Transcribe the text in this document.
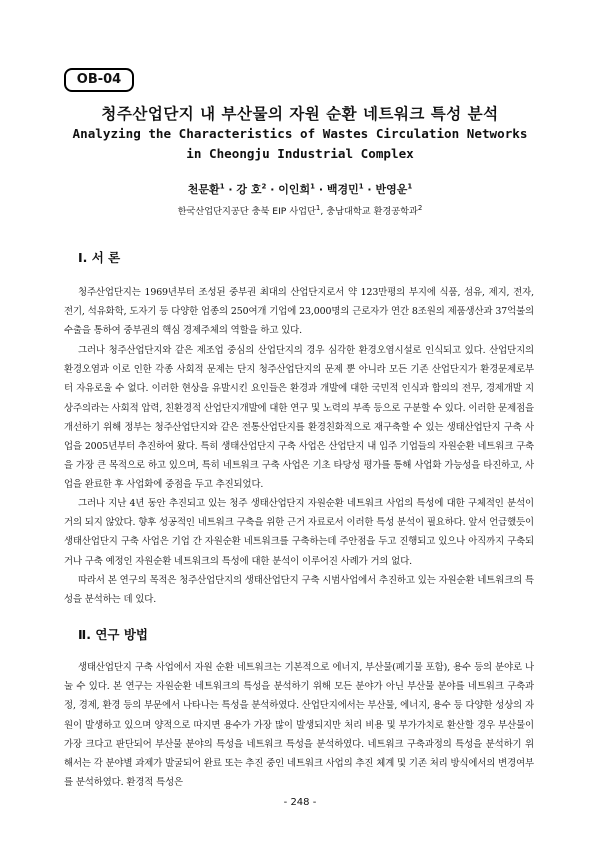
OB-04
청주산업단지 내 부산물의 자원 순환 네트워크 특성 분석
Analyzing the Characteristics of Wastes Circulation Networks
in Cheongju Industrial Complex
천문환$^1$ · 강 호$^2$ · 이인희$^1$ · 백경민$^1$ · 반영운$^1$
한국산업단지공단 충북 EIP 사업단$^1$, 충남대학교 환경공학과$^2$
Ⅰ. 서 론
청주산업단지는 1969년부터 조성된 중부권 최대의 산업단지로서 약 123만평의 부지에 식품, 섬유, 제지, 전자, 전기, 석유화학, 도자기 등 다양한 업종의 250여개 기업에 23,000명의 근로자가 연간 8조원의 제품생산과 37억불의 수출을 통하여 중부권의 핵심 경제주체의 역할을 하고 있다.
그러나 청주산업단지와 같은 제조업 중심의 산업단지의 경우 심각한 환경오염시설로 인식되고 있다. 산업단지의 환경오염과 이로 인한 각종 사회적 문제는 단지 청주산업단지의 문제 뿐 아니라 모든 기존 산업단지가 환경문제로부터 자유로울 수 없다. 이러한 현상을 유발시킨 요인들은 환경과 개발에 대한 국민적 인식과 합의의 전무, 경제개발 지상주의라는 사회적 압력, 친환경적 산업단지개발에 대한 연구 및 노력의 부족 등으로 구분할 수 있다. 이러한 문제점을 개선하기 위해 정부는 청주산업단지와 같은 전통산업단지를 환경친화적으로 재구축할 수 있는 생태산업단지 구축 사업을 2005년부터 추진하여 왔다. 특히 생태산업단지 구축 사업은 산업단지 내 입주 기업들의 자원순환 네트워크 구축을 가장 큰 목적으로 하고 있으며, 특히 네트워크 구축 사업은 기초 타당성 평가를 통해 사업화 가능성을 타진하고, 사업을 완료한 후 사업화에 중점을 두고 추진되었다.
그러나 지난 4년 동안 추진되고 있는 청주 생태산업단지 자원순환 네트워크 사업의 특성에 대한 구체적인 분석이 거의 되지 않았다. 향후 성공적인 네트워크 구축을 위한 근거 자료로서 이러한 특성 분석이 필요하다. 앞서 언급했듯이 생태산업단지 구축 사업은 기업 간 자원순환 네트워크를 구축하는데 주안점을 두고 진행되고 있으나 아직까지 구축되거나 구축 예정인 자원순환 네트워크의 특성에 대한 분석이 이루어진 사례가 거의 없다.
따라서 본 연구의 목적은 청주산업단지의 생태산업단지 구축 시범사업에서 추진하고 있는 자원순환 네트워크의 특성을 분석하는 데 있다.
Ⅱ. 연구 방법
생태산업단지 구축 사업에서 자원 순환 네트워크는 기본적으로 에너지, 부산물(폐기물 포함), 용수 등의 분야로 나눌 수 있다. 본 연구는 자원순환 네트워크의 특성을 분석하기 위해 모든 분야가 아닌 부산물 분야를 네트워크 구축과정, 경제, 환경 등의 부문에서 나타나는 특성을 분석하였다. 산업단지에서는 부산물, 에너지, 용수 등 다양한 성상의 자원이 발생하고 있으며 양적으로 따지면 용수가 가장 많이 발생되지만 처리 비용 및 부가가치로 환산할 경우 부산물이 가장 크다고 판단되어 부산물 분야의 특성을 네트워크 특성을 분석하였다. 네트워크 구축과정의 특성을 분석하기 위해서는 각 분야별 과제가 발굴되어 완료 또는 추진 중인 네트워크 사업의 추진 체계 및 기존 처리 방식에서의 변경여부를 분석하였다. 환경적 특성은
- 248 -
